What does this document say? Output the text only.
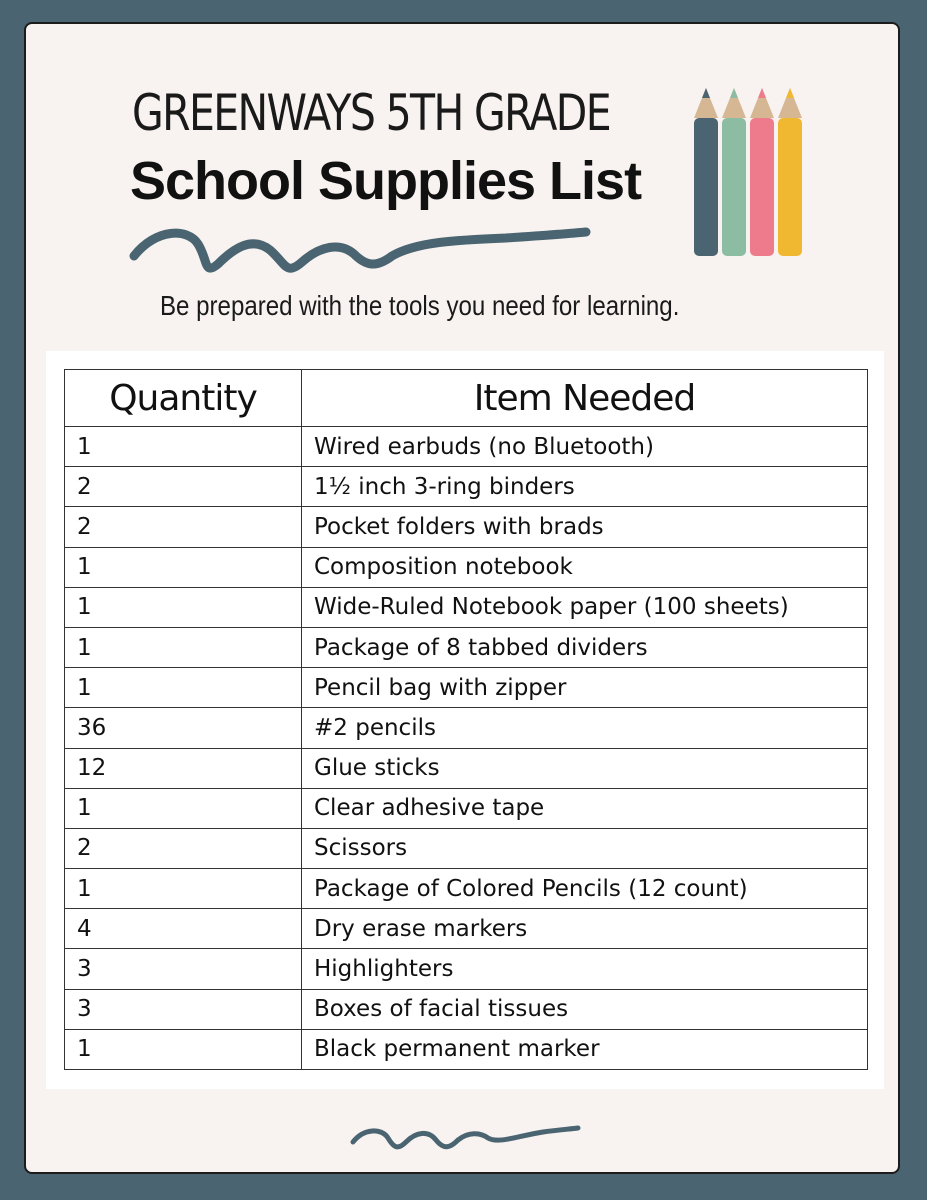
GREENWAYS 5TH GRADE
School Supplies List
Be prepared with the tools you need for learning.
Quantity	Item Needed
1	Wired earbuds (no Bluetooth)
2	1½ inch 3-ring binders
2	Pocket folders with brads
1	Composition notebook
1	Wide-Ruled Notebook paper (100 sheets)
1	Package of 8 tabbed dividers
1	Pencil bag with zipper
36	#2 pencils
12	Glue sticks
1	Clear adhesive tape
2	Scissors
1	Package of Colored Pencils (12 count)
4	Dry erase markers
3	Highlighters
3	Boxes of facial tissues
1	Black permanent marker
